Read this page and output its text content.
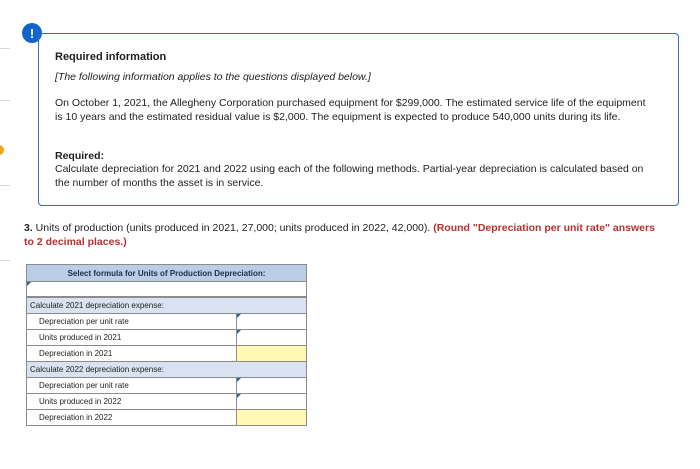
!
Required information
[The following information applies to the questions displayed below.]
On October 1, 2021, the Allegheny Corporation purchased equipment for $299,000. The estimated service life of the equipment is 10 years and the estimated residual value is $2,000. The equipment is expected to produce 540,000 units during its life.
Required:
Calculate depreciation for 2021 and 2022 using each of the following methods. Partial-year depreciation is calculated based on the number of months the asset is in service.
3. Units of production (units produced in 2021, 27,000; units produced in 2022, 42,000). (Round "Depreciation per unit rate" answers to 2 decimal places.)
Select formula for Units of Production Depreciation:
Calculate 2021 depreciation expense:	
Depreciation per unit rate	

Units produced in 2021	

Depreciation in 2021	
Calculate 2022 depreciation expense:	
Depreciation per unit rate	

Units produced in 2022	

Depreciation in 2022	
